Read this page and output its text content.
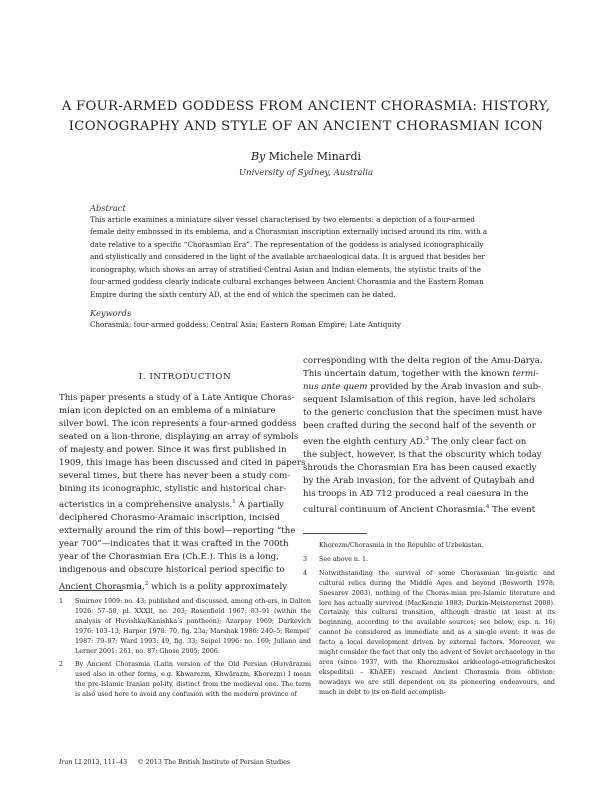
A FOUR-ARMED GODDESS FROM ANCIENT CHORASMIA: HISTORY,
ICONOGRAPHY AND STYLE OF AN ANCIENT CHORASMIAN ICON
By Michele Minardi
University of Sydney, Australia
Abstract
This article examines a miniature silver vessel characterised by two elements: a depiction of a four-armed
female deity embossed in its emblema, and a Chorasmian inscription externally incised around its rim, with a
date relative to a specific “Chorasmian Era”. The representation of the goddess is analysed iconographically
and stylistically and considered in the light of the available archaeological data. It is argued that besides her
iconography, which shows an array of stratified Central Asian and Indian elements, the stylistic traits of the
four-armed goddess clearly indicate cultural exchanges between Ancient Chorasmia and the Eastern Roman
Empire during the sixth century AD, at the end of which the specimen can be dated.
Keywords
Chorasmia; four-armed goddess; Central Asia; Eastern Roman Empire; Late Antiquity
I. INTRODUCTION
This paper presents a study of a Late Antique Choras-
mian icon depicted on an emblema of a miniature
silver bowl. The icon represents a four-armed goddess
seated on a lion-throne, displaying an array of symbols
of majesty and power. Since it was first published in
1909, this image has been discussed and cited in papers
several times, but there has never been a study com-
bining its iconographic, stylistic and historical char-
acteristics in a comprehensive analysis.$^1$ A partially
deciphered Chorasmo-Aramaic inscription, incised
externally around the rim of this bowl—reporting “the
year 700”—indicates that it was crafted in the 700th
year of the Chorasmian Era (Ch.E.). This is a long,
indigenous and obscure historical period specific to
Ancient Chorasmia,$^2$ which is a polity approximately
corresponding with the delta region of the Amu-Darya.
This uncertain datum, together with the known termi-
nus ante quem provided by the Arab invasion and sub-
sequent Islamisation of this region, have led scholars
to the generic conclusion that the specimen must have
been crafted during the second half of the seventh or
even the eighth century AD.$^3$ The only clear fact on
the subject, however, is that the obscurity which today
shrouds the Chorasmian Era has been caused exactly
by the Arab invasion, for the advent of Qutaybah and
his troops in AD 712 produced a real caesura in the
cultural continuum of Ancient Chorasmia.$^4$ The event
1 Smirnov 1909: no. 43; published and discussed, among oth-ers, in Dalton 1926: 57–58, pl. XXXII, no. 203; Rosenfield 1967: 83–91 (within the analysis of Huvishka/Kanishka’s pantheon); Azarpay 1969; Darkevich 1976: 103–13; Harper 1978: 70, fig. 23a; Marshak 1986: 240–5; Rempel’ 1987: 79–97; Ward 1993: 49, fig. 33; Seipel 1996: no. 169; Juliano and Lerner 2001: 261, no. 87; Ghose 2005; 2006.
2 By Ancient Chorasmia (Latin version of the Old Persian (Hu)vārazmi used also in other forms, e.g. Khwarezm, Khwārazm, Khorezm) I mean the pre-Islamic Iranian pol-ity, distinct from the medieval one. The term is also used here to avoid any confusion with the modern province of
Khorezm/Chorasmia in the Republic of Uzbekistan.
3 See above n. 1.
4 Notwithstanding the survival of some Chorasmian lin-guistic and cultural relics during the Middle Ages and beyond (Bosworth 1978; Snesarev 2003), nothing of the Choras-mian pre-Islamic literature and lore has actually survived (MacKenzie 1983; Durkin-Meisterernst 2008). Certainly, this cultural transition, although drastic (at least at its beginning, according to the available sources; see below, esp. n. 16) cannot be considered as immediate and as a sin-gle event: it was de facto a local development driven by external factors. Moreover, we might consider the fact that only the advent of Soviet archaeology in the area (since 1937, with the Khorezmskoi arkheologo-etnograficheskoi ekspeditsii – KhAEE) rescued Ancient Chorasmia from oblivion: nowadays we are still dependent on its pioneering endeavours, and much in debt to its on-field accomplish-
Iran LI 2013, 111–43 © 2013 The British Institute of Persian Studies
